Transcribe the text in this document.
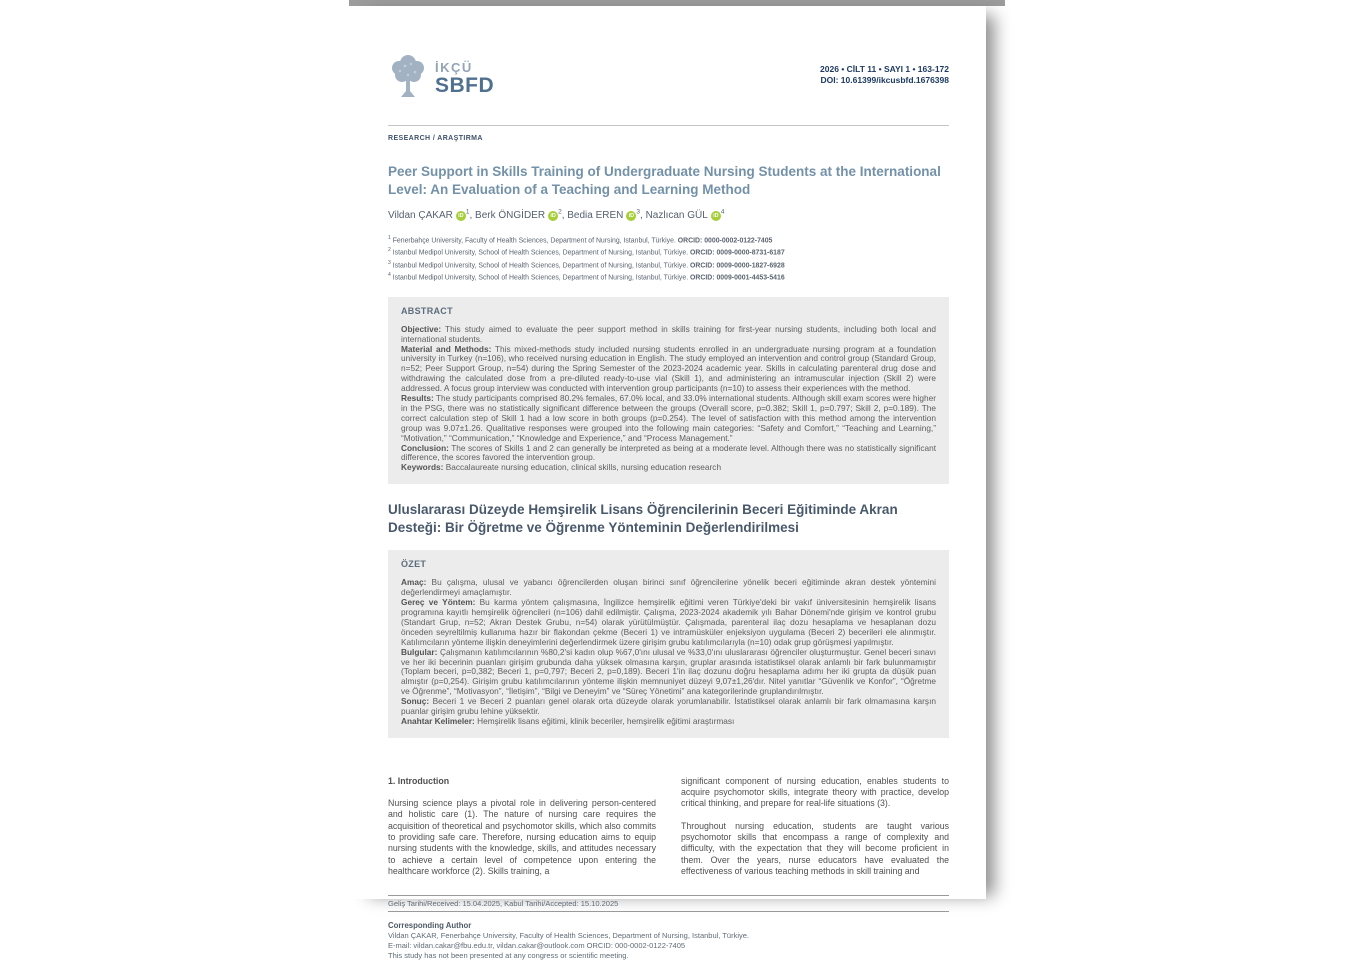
İKÇÜ
SBFD
2026 • CİLT 11 • SAYI 1 • 163-172
DOI: 10.61399/ikcusbfd.1676398
RESEARCH / ARAŞTIRMA
Peer Support in Skills Training of Undergraduate Nursing Students at the International Level: An Evaluation of a Teaching and Learning Method
Vildan ÇAKAR $iD^1$, Berk ÖNGİDER $iD^2$, Bedia EREN $iD^3$, Nazlıcan GÜL $iD^4$
$^1$ Fenerbahçe University, Faculty of Health Sciences, Department of Nursing, Istanbul, Türkiye. ORCID: 0000-0002-0122-7405
$^2$ Istanbul Medipol University, School of Health Sciences, Department of Nursing, Istanbul, Türkiye. ORCID: 0009-0000-8731-6187
$^3$ Istanbul Medipol University, School of Health Sciences, Department of Nursing, Istanbul, Türkiye. ORCID: 0009-0000-1827-6928
$^4$ Istanbul Medipol University, School of Health Sciences, Department of Nursing, Istanbul, Türkiye. ORCID: 0009-0001-4453-5416
ABSTRACT

Objective: This study aimed to evaluate the peer support method in skills training for first-year nursing students, including both local and international students.

Material and Methods: This mixed-methods study included nursing students enrolled in an undergraduate nursing program at a foundation university in Turkey (n=106), who received nursing education in English. The study employed an intervention and control group (Standard Group, n=52; Peer Support Group, n=54) during the Spring Semester of the 2023-2024 academic year. Skills in calculating parenteral drug dose and withdrawing the calculated dose from a pre-diluted ready-to-use vial (Skill 1), and administering an intramuscular injection (Skill 2) were addressed. A focus group interview was conducted with intervention group participants (n=10) to assess their experiences with the method.

Results: The study participants comprised 80.2% females, 67.0% local, and 33.0% international students. Although skill exam scores were higher in the PSG, there was no statistically significant difference between the groups (Overall score, p=0.382; Skill 1, p=0.797; Skill 2, p=0.189). The correct calculation step of Skill 1 had a low score in both groups (p=0.254). The level of satisfaction with this method among the intervention group was 9.07±1.26. Qualitative responses were grouped into the following main categories: “Safety and Comfort,” “Teaching and Learning,” “Motivation,” “Communication,” “Knowledge and Experience,” and “Process Management.”

Conclusion: The scores of Skills 1 and 2 can generally be interpreted as being at a moderate level. Although there was no statistically significant difference, the scores favored the intervention group.

Keywords: Baccalaureate nursing education, clinical skills, nursing education research

Uluslararası Düzeyde Hemşirelik Lisans Öğrencilerinin Beceri Eğitiminde Akran Desteği: Bir Öğretme ve Öğrenme Yönteminin Değerlendirilmesi
ÖZET

Amaç: Bu çalışma, ulusal ve yabancı öğrencilerden oluşan birinci sınıf öğrencilerine yönelik beceri eğitiminde akran destek yöntemini değerlendirmeyi amaçlamıştır.

Gereç ve Yöntem: Bu karma yöntem çalışmasına, İngilizce hemşirelik eğitimi veren Türkiye'deki bir vakıf üniversitesinin hemşirelik lisans programına kayıtlı hemşirelik öğrencileri (n=106) dahil edilmiştir. Çalışma, 2023-2024 akademik yılı Bahar Dönemi'nde girişim ve kontrol grubu (Standart Grup, n=52; Akran Destek Grubu, n=54) olarak yürütülmüştür. Çalışmada, parenteral ilaç dozu hesaplama ve hesaplanan dozu önceden seyreltilmiş kullanıma hazır bir flakondan çekme (Beceri 1) ve intramüsküler enjeksiyon uygulama (Beceri 2) becerileri ele alınmıştır. Katılımcıların yönteme ilişkin deneyimlerini değerlendirmek üzere girişim grubu katılımcılarıyla (n=10) odak grup görüşmesi yapılmıştır.

Bulgular: Çalışmanın katılımcılarının %80,2'si kadın olup %67,0'ını ulusal ve %33,0'ını uluslararası öğrenciler oluşturmuştur. Genel beceri sınavı ve her iki becerinin puanları girişim grubunda daha yüksek olmasına karşın, gruplar arasında istatistiksel olarak anlamlı bir fark bulunmamıştır (Toplam beceri, p=0,382; Beceri 1, p=0,797; Beceri 2, p=0,189). Beceri 1'in ilaç dozunu doğru hesaplama adımı her iki grupta da düşük puan almıştır (p=0,254). Girişim grubu katılımcılarının yönteme ilişkin memnuniyet düzeyi 9,07±1,26'dır. Nitel yanıtlar “Güvenlik ve Konfor”, “Öğretme ve Öğrenme”, “Motivasyon”, “İletişim”, “Bilgi ve Deneyim” ve “Süreç Yönetimi” ana kategorilerinde gruplandırılmıştır.

Sonuç: Beceri 1 ve Beceri 2 puanları genel olarak orta düzeyde olarak yorumlanabilir. İstatistiksel olarak anlamlı bir fark olmamasına karşın puanlar girişim grubu lehine yüksektir.

Anahtar Kelimeler: Hemşirelik lisans eğitimi, klinik beceriler, hemşirelik eğitimi araştırması

1. Introduction

Nursing science plays a pivotal role in delivering person-centered and holistic care (1). The nature of nursing care requires the acquisition of theoretical and psychomotor skills, which also commits to providing safe care. Therefore, nursing education aims to equip nursing students with the knowledge, skills, and attitudes necessary to achieve a certain level of competence upon entering the healthcare workforce (2). Skills training, a

significant component of nursing education, enables students to acquire psychomotor skills, integrate theory with practice, develop critical thinking, and prepare for real-life situations (3).

Throughout nursing education, students are taught various psychomotor skills that encompass a range of complexity and difficulty, with the expectation that they will become proficient in them. Over the years, nurse educators have evaluated the effectiveness of various teaching methods in skill training and

Geliş Tarihi/Received: 15.04.2025, Kabul Tarihi/Accepted: 15.10.2025
Corresponding Author
Vildan ÇAKAR, Fenerbahçe University, Faculty of Health Sciences, Department of Nursing, Istanbul, Türkiye.
E-mail: vildan.cakar@fbu.edu.tr, vildan.cakar@outlook.com ORCID: 000-0002-0122-7405
This study has not been presented at any congress or scientific meeting.
